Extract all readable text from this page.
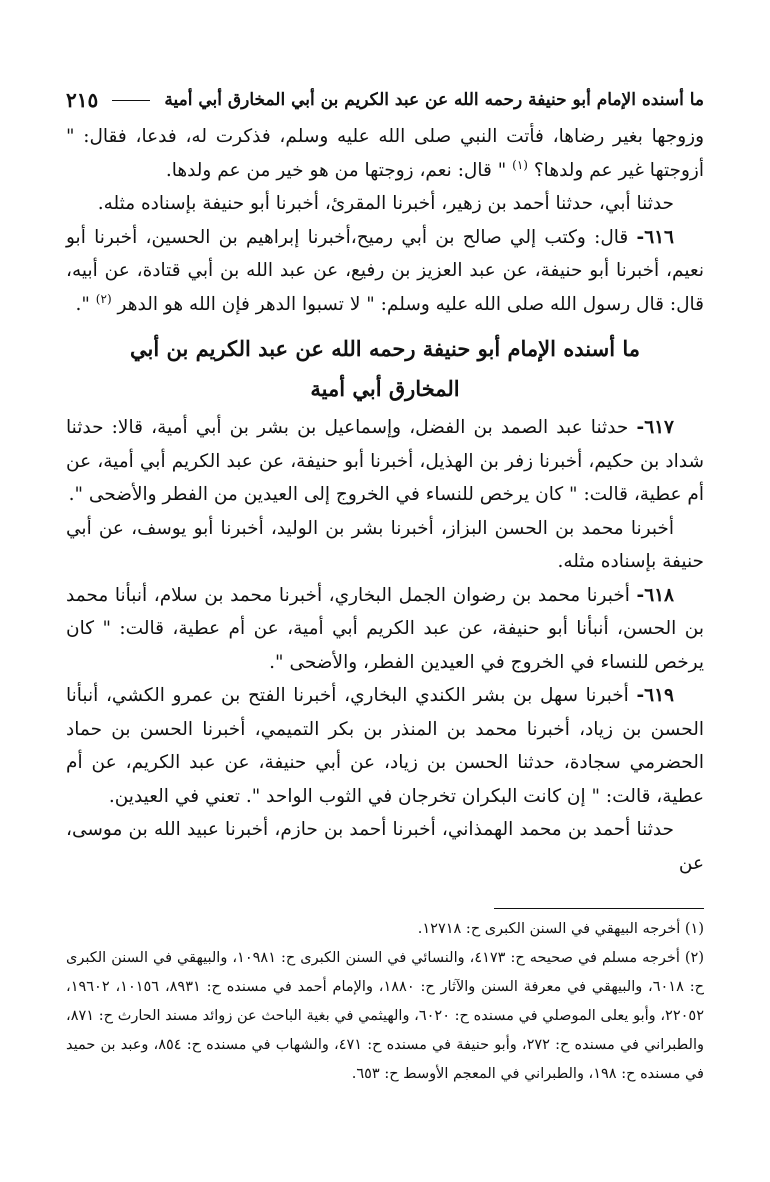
ما أسنده الإمام أبو حنيفة رحمه الله عن عبد الكريم بن أبي المخارق أبي أمية
٢١٥

وزوجها بغير رضاها، فأتت النبي صلى الله عليه وسلم، فذكرت له، فدعا، فقال: " أزوجتها غير عم ولدها؟ $^{(١)}$ " قال: نعم، زوجتها من هو خير من عم ولدها.

حدثنا أبي، حدثنا أحمد بن زهير، أخبرنا المقرئ، أخبرنا أبو حنيفة بإسناده مثله.

٦١٦- قال: وكتب إلي صالح بن أبي رميح،أخبرنا إبراهيم بن الحسين، أخبرنا أبو نعيم، أخبرنا أبو حنيفة، عن عبد العزيز بن رفيع، عن عبد الله بن أبي قتادة، عن أبيه، قال: قال رسول الله صلى الله عليه وسلم: " لا تسبوا الدهر فإن الله هو الدهر $^{(٢)}$ ".

ما أسنده الإمام أبو حنيفة رحمه الله عن عبد الكريم بن أبي
المخارق أبي أمية

٦١٧- حدثنا عبد الصمد بن الفضل، وإسماعيل بن بشر بن أبي أمية، قالا: حدثنا شداد بن حكيم، أخبرنا زفر بن الهذيل، أخبرنا أبو حنيفة، عن عبد الكريم أبي أمية، عن أم عطية، قالت: " كان يرخص للنساء في الخروج إلى العيدين من الفطر والأضحى ".

أخبرنا محمد بن الحسن البزاز، أخبرنا بشر بن الوليد، أخبرنا أبو يوسف، عن أبي حنيفة بإسناده مثله.

٦١٨- أخبرنا محمد بن رضوان الجمل البخاري، أخبرنا محمد بن سلام، أنبأنا محمد بن الحسن، أنبأنا أبو حنيفة، عن عبد الكريم أبي أمية، عن أم عطية، قالت: " كان يرخص للنساء في الخروج في العيدين الفطر، والأضحى ".

٦١٩- أخبرنا سهل بن بشر الكندي البخاري، أخبرنا الفتح بن عمرو الكشي، أنبأنا الحسن بن زياد، أخبرنا محمد بن المنذر بن بكر التميمي، أخبرنا الحسن بن حماد الحضرمي سجادة، حدثنا الحسن بن زياد، عن أبي حنيفة، عن عبد الكريم، عن أم عطية، قالت: " إن كانت البكران تخرجان في الثوب الواحد ". تعني في العيدين.

حدثنا أحمد بن محمد الهمذاني، أخبرنا أحمد بن حازم، أخبرنا عبيد الله بن موسى، عن

(١) أخرجه البيهقي في السنن الكبرى ح: ١٢٧١٨.

(٢) أخرجه مسلم في صحيحه ح: ٤١٧٣، والنسائي في السنن الكبرى ح: ١٠٩٨١، والبيهقي في السنن الكبرى ح: ٦٠١٨، والبيهقي في معرفة السنن والآثار ح: ١٨٨٠، والإمام أحمد في مسنده ح: ٨٩٣١، ١٠١٥٦، ١٩٦٠٢، ٢٢٠٥٢، وأبو يعلى الموصلي في مسنده ح: ٦٠٢٠، والهيثمي في بغية الباحث عن زوائد مسند الحارث ح: ٨٧١، والطبراني في مسنده ح: ٢٧٢، وأبو حنيفة في مسنده ح: ٤٧١، والشهاب في مسنده ح: ٨٥٤، وعبد بن حميد في مسنده ح: ١٩٨، والطبراني في المعجم الأوسط ح: ٦٥٣.
